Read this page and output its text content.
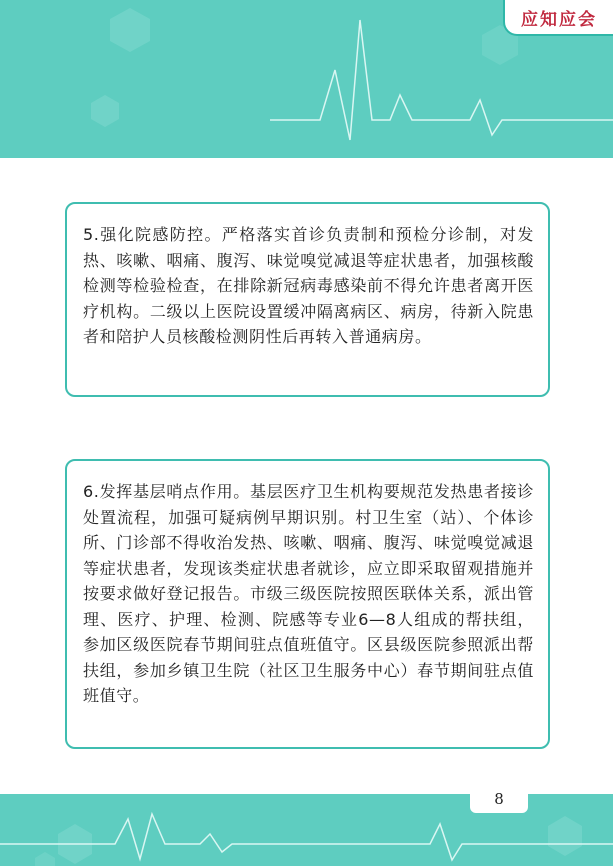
应知应会

5.强化院感防控。严格落实首诊负责制和预检分诊制，对发热、咳嗽、咽痛、腹泻、味觉嗅觉减退等症状患者，加强核酸检测等检验检查，在排除新冠病毒感染前不得允许患者离开医疗机构。二级以上医院设置缓冲隔离病区、病房，待新入院患者和陪护人员核酸检测阴性后再转入普通病房。

6.发挥基层哨点作用。基层医疗卫生机构要规范发热患者接诊处置流程，加强可疑病例早期识别。村卫生室（站）、个体诊所、门诊部不得收治发热、咳嗽、咽痛、腹泻、味觉嗅觉减退等症状患者，发现该类症状患者就诊，应立即采取留观措施并按要求做好登记报告。市级三级医院按照医联体关系，派出管理、医疗、护理、检测、院感等专业6—8人组成的帮扶组，参加区级医院春节期间驻点值班值守。区县级医院参照派出帮扶组，参加乡镇卫生院（社区卫生服务中心）春节期间驻点值班值守。

8
